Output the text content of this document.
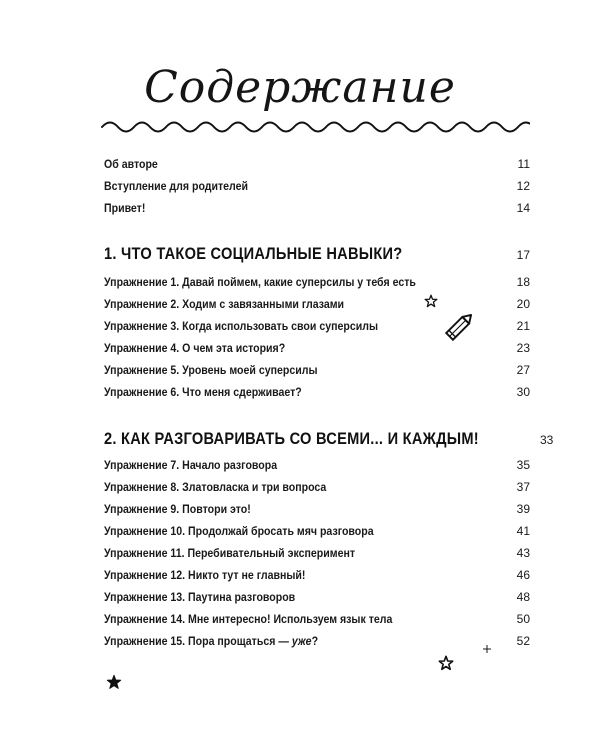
Содержание
Об авторе	11
Вступление для родителей	12
Привет!	14
1. ЧТО ТАКОЕ СОЦИАЛЬНЫЕ НАВЫКИ?	17
Упражнение 1. Давай поймем, какие суперсилы у тебя есть	18
Упражнение 2. Ходим с завязанными глазами	20
Упражнение 3. Когда использовать свои суперсилы	21
Упражнение 4. О чем эта история?	23
Упражнение 5. Уровень моей суперсилы	27
Упражнение 6. Что меня сдерживает?	30
2. КАК РАЗГОВАРИВАТЬ СО ВСЕМИ... И КАЖДЫМ!	33
Упражнение 7. Начало разговора	35
Упражнение 8. Златовласка и три вопроса	37
Упражнение 9. Повтори это!	39
Упражнение 10. Продолжай бросать мяч разговора	41
Упражнение 11. Перебивательный эксперимент	43
Упражнение 12. Никто тут не главный!	46
Упражнение 13. Паутина разговоров	48
Упражнение 14. Мне интересно! Используем язык тела	50
Упражнение 15. Пора прощаться — уже?	52
